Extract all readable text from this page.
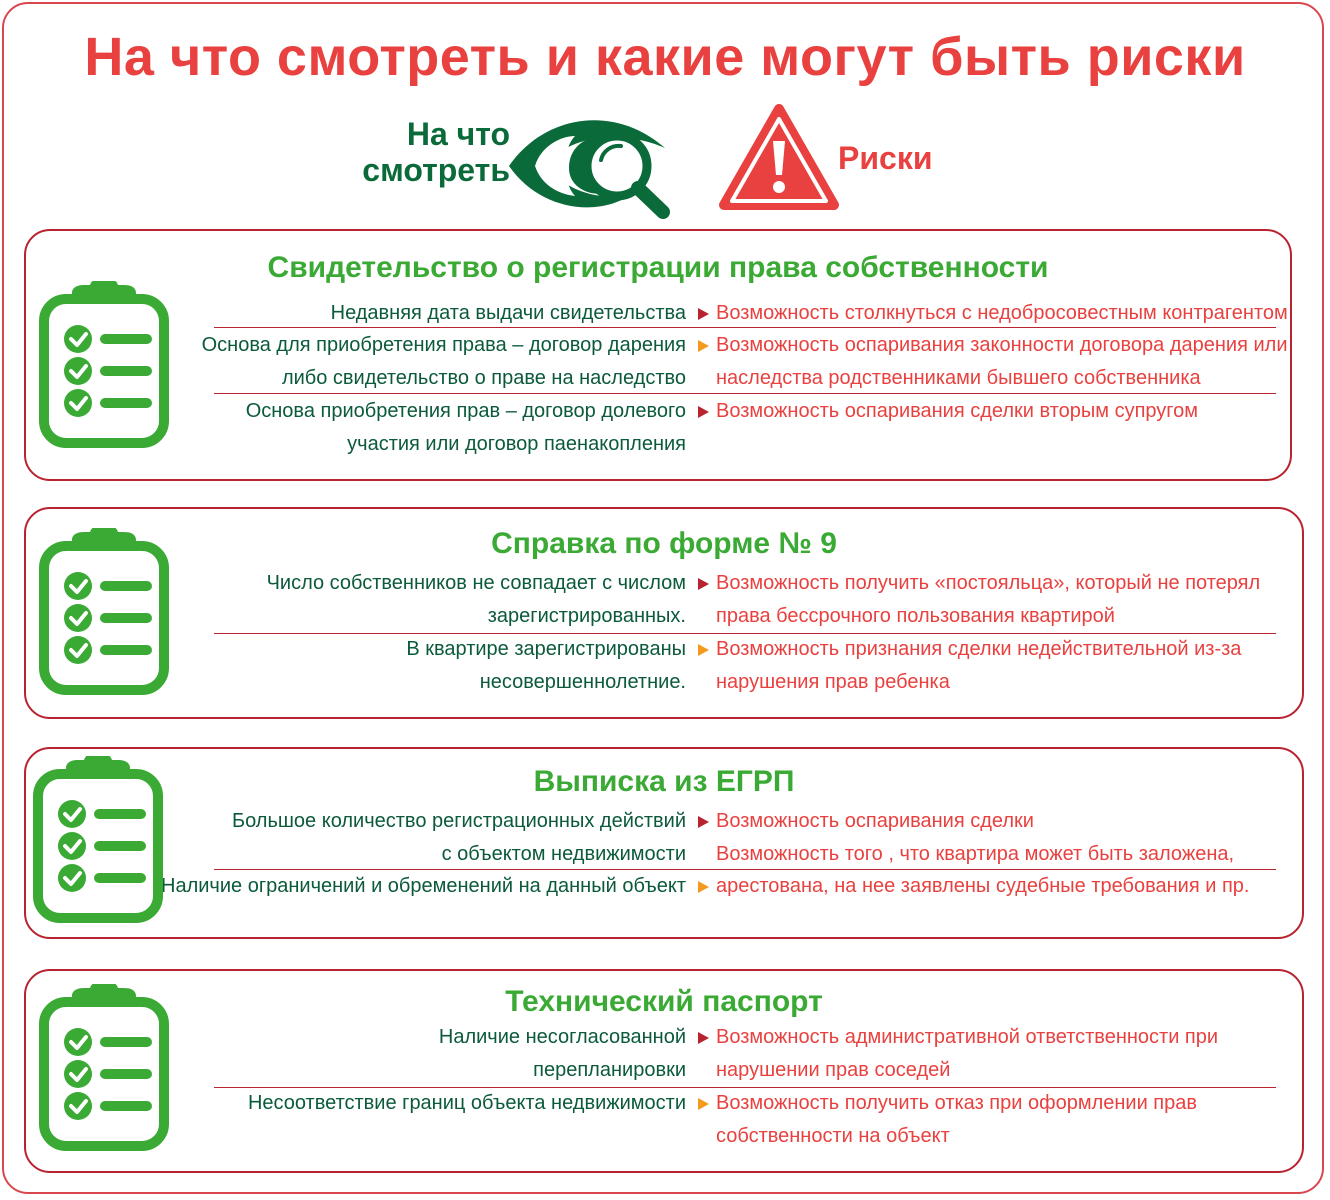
На что смотреть и какие могут быть риски
На что
смотреть	Риски
Свидетельство о регистрации права собственности
Недавняя дата выдачи свидетельства Возможность столкнуться с недобросовестным контрагентом
Основа для приобретения права – договор дарения
либо свидетельство о праве на наследство
Возможность оспаривания законности договора дарения или
наследства родственниками бывшего собственника
Основа приобретения прав – договор долевого
участия или договор паенакопления
Возможность оспаривания сделки вторым супругом
Справка по форме № 9
Число собственников не совпадает с числом
зарегистрированных.
Возможность получить «постояльца», который не потерял
права бессрочного пользования квартирой
В квартире зарегистрированы
несовершеннолетние.
Возможность признания сделки недействительной из-за
нарушения прав ребенка
Выписка из ЕГРП
Большое количество регистрационных действий
с объектом недвижимости
Возможность оспаривания сделки
Возможность того , что квартира может быть заложена,
Наличие ограничений и обременений на данный объект арестована, на нее заявлены судебные требования и пр.
Технический паспорт
Наличие несогласованной
перепланировки
Возможность административной ответственности при
нарушении прав соседей
Несоответствие границ объекта недвижимости Возможность получить отказ при оформлении прав
собственности на объект
